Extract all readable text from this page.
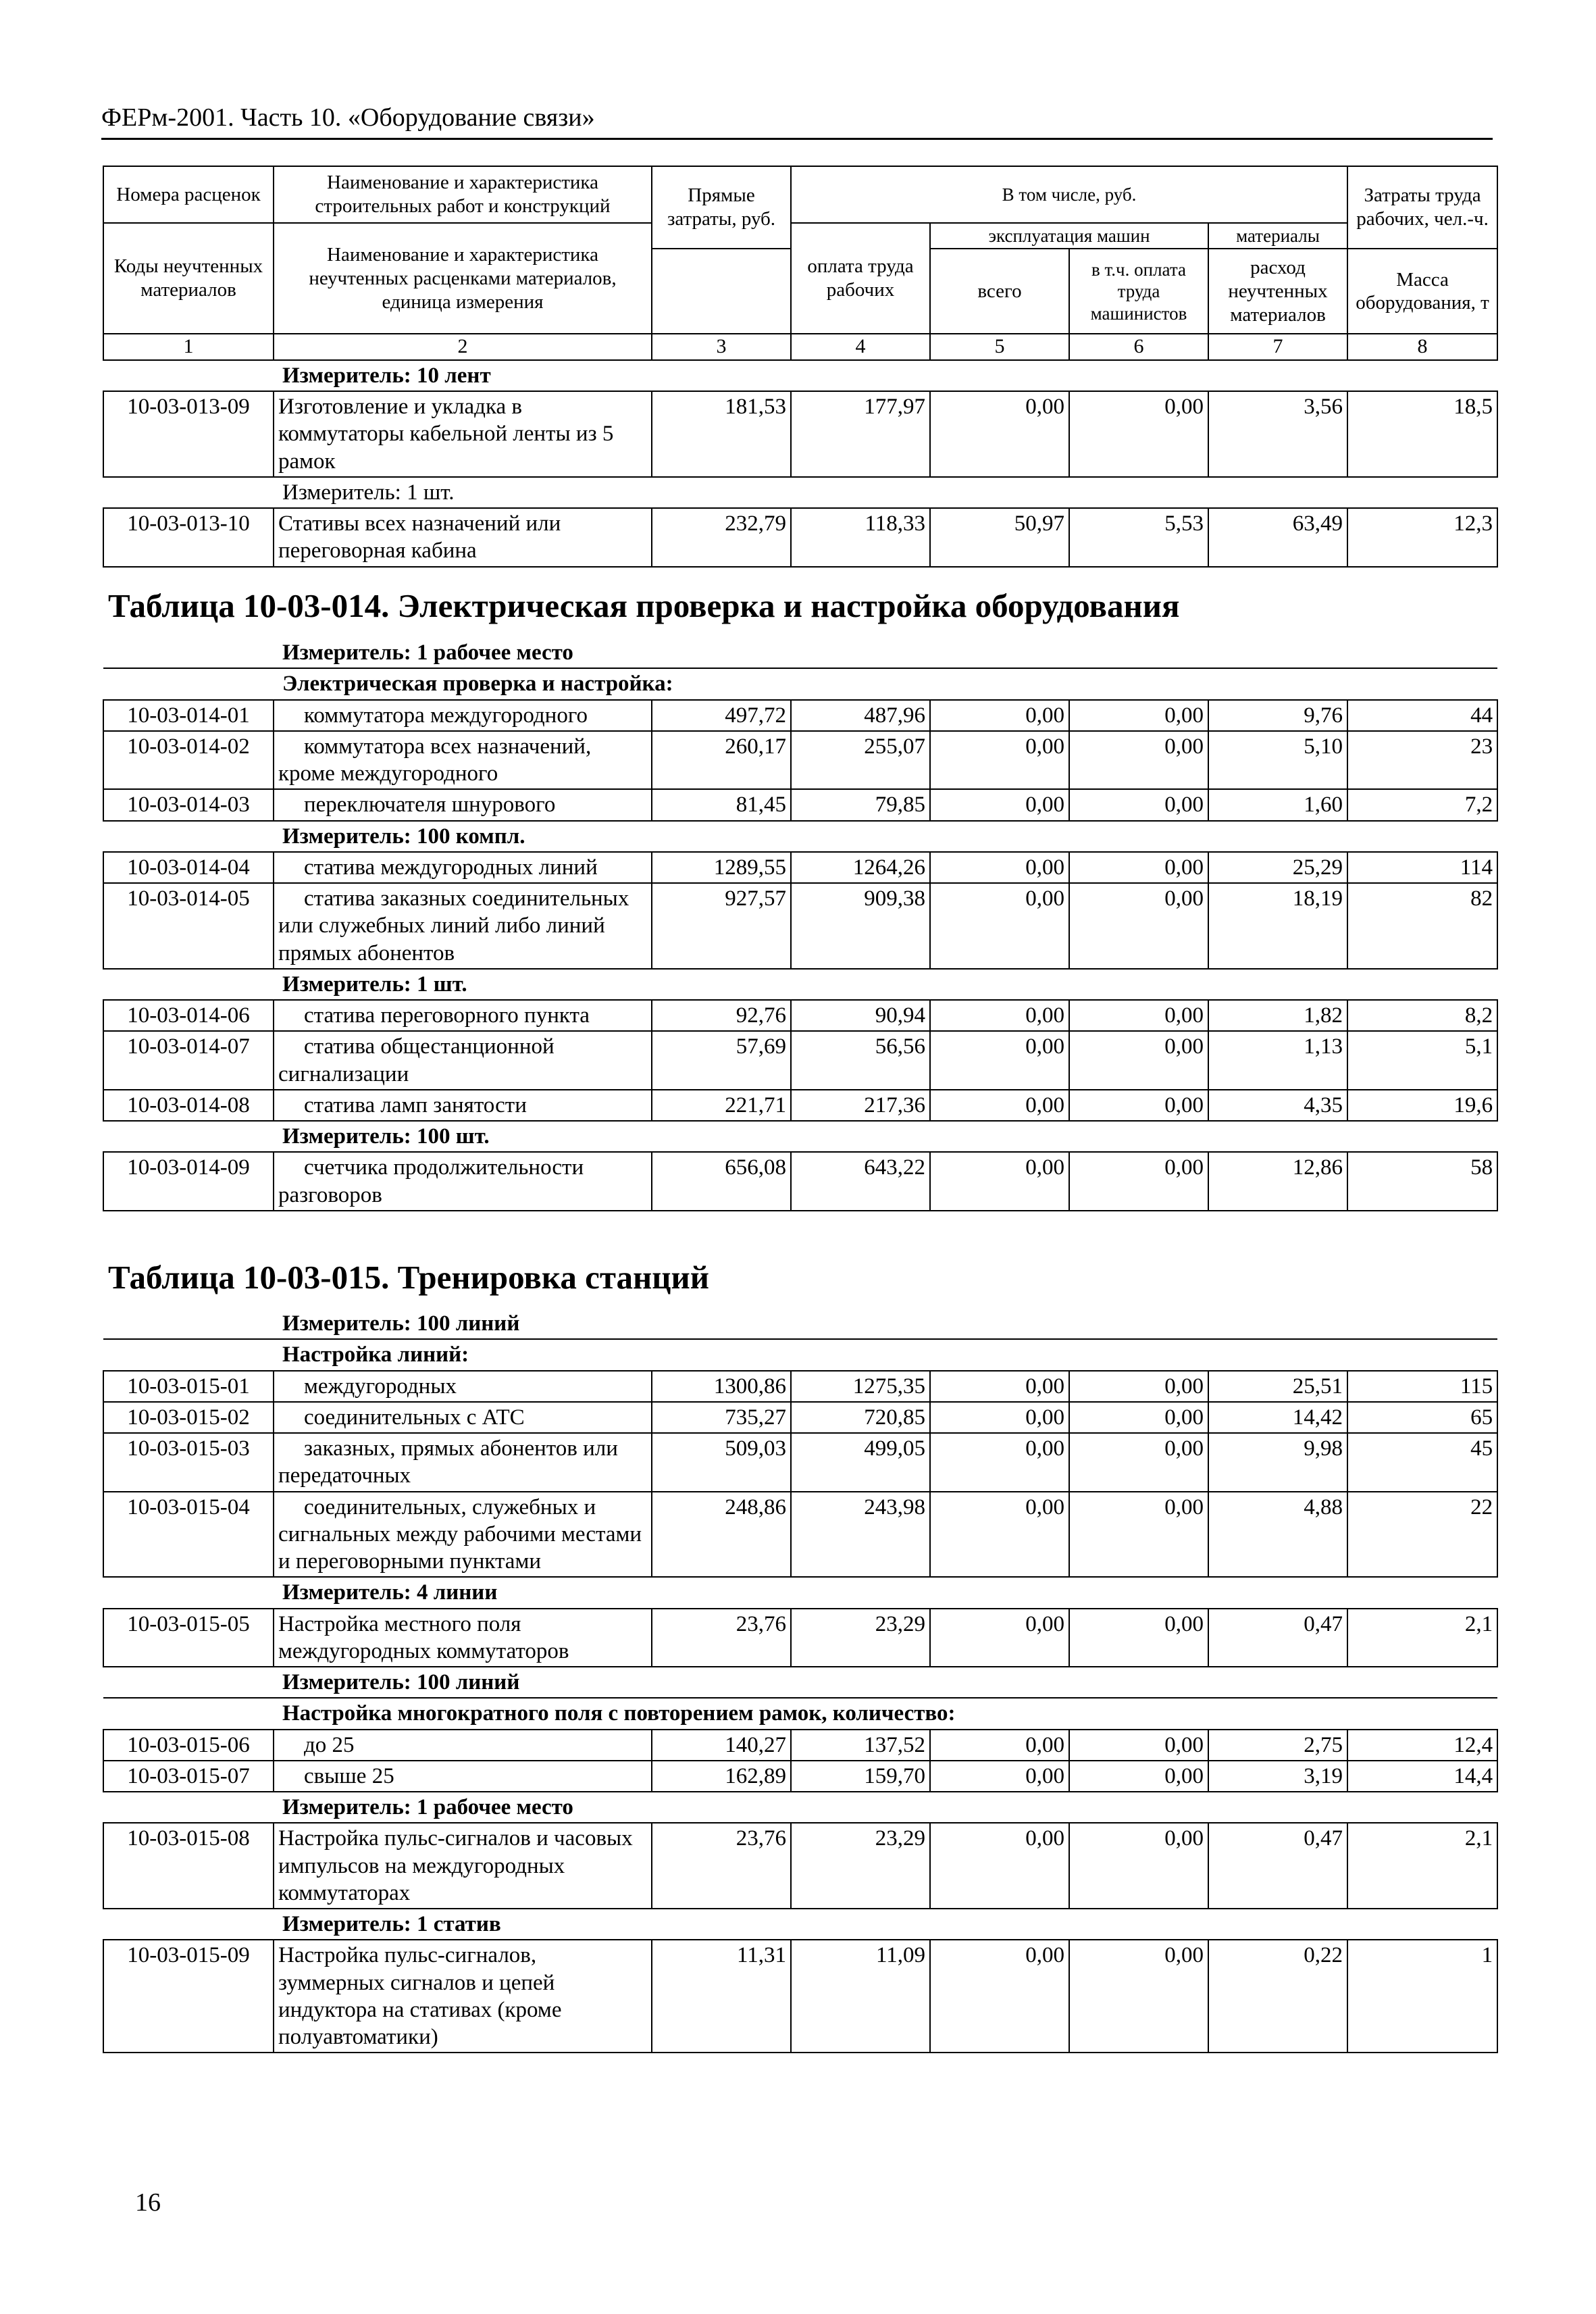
ФЕРм-2001. Часть 10. «Оборудование связи»
Номера расценок	Наименование и характеристика строительных работ и конструкций	Прямые затраты, руб.	В том числе, руб.				Затраты труда рабочих, чел.-ч.
Коды неучтенных материалов	Наименование и характеристика неучтенных расценками материалов, единица измерения		оплата труда рабочих	эксплуатация машин		материалы	
				всего	в т.ч. оплата труда машинистов	расход неучтенных материалов	Масса оборудования, т
1	2	3	4	5	6	7	8
Измеритель: 10 лент							
10-03-013-09	Изготовление и укладка в коммутаторы кабельной ленты из 5 рамок	181,53	177,97	0,00	0,00	3,56	18,5
Измеритель: 1 шт.							
10-03-013-10	Стативы всех назначений или переговорная кабина	232,79	118,33	50,97	5,53	63,49	12,3
Таблица 10-03-014. Электрическая проверка и настройка оборудования
Измеритель: 1 рабочее место							
Электрическая проверка и настройка:							
10-03-014-01	коммутатора междугородного	497,72	487,96	0,00	0,00	9,76	44
10-03-014-02	коммутатора всех назначений, кроме междугородного	260,17	255,07	0,00	0,00	5,10	23
10-03-014-03	переключателя шнурового	81,45	79,85	0,00	0,00	1,60	7,2
Измеритель: 100 компл.							
10-03-014-04	статива междугородных линий	1289,55	1264,26	0,00	0,00	25,29	114
10-03-014-05	статива заказных соединительных или служебных линий либо линий прямых абонентов	927,57	909,38	0,00	0,00	18,19	82
Измеритель: 1 шт.							
10-03-014-06	статива переговорного пункта	92,76	90,94	0,00	0,00	1,82	8,2
10-03-014-07	статива общестанционной сигнализации	57,69	56,56	0,00	0,00	1,13	5,1
10-03-014-08	статива ламп занятости	221,71	217,36	0,00	0,00	4,35	19,6
Измеритель: 100 шт.							
10-03-014-09	счетчика продолжительности разговоров	656,08	643,22	0,00	0,00	12,86	58
Таблица 10-03-015. Тренировка станций
Измеритель: 100 линий							
Настройка линий:							
10-03-015-01	междугородных	1300,86	1275,35	0,00	0,00	25,51	115
10-03-015-02	соединительных с АТС	735,27	720,85	0,00	0,00	14,42	65
10-03-015-03	заказных, прямых абонентов или передаточных	509,03	499,05	0,00	0,00	9,98	45
10-03-015-04	соединительных, служебных и сигнальных между рабочими местами и переговорными пунктами	248,86	243,98	0,00	0,00	4,88	22
Измеритель: 4 линии							
10-03-015-05	Настройка местного поля междугородных коммутаторов	23,76	23,29	0,00	0,00	0,47	2,1
Измеритель: 100 линий							
Настройка многократного поля с повторением рамок, количество:							
10-03-015-06	до 25	140,27	137,52	0,00	0,00	2,75	12,4
10-03-015-07	свыше 25	162,89	159,70	0,00	0,00	3,19	14,4
Измеритель: 1 рабочее место							
10-03-015-08	Настройка пульс-сигналов и часовых импульсов на междугородных коммутаторах	23,76	23,29	0,00	0,00	0,47	2,1
Измеритель: 1 статив							
10-03-015-09	Настройка пульс-сигналов, зуммерных сигналов и цепей индуктора на стативах (кроме полуавтоматики)	11,31	11,09	0,00	0,00	0,22	1
16
